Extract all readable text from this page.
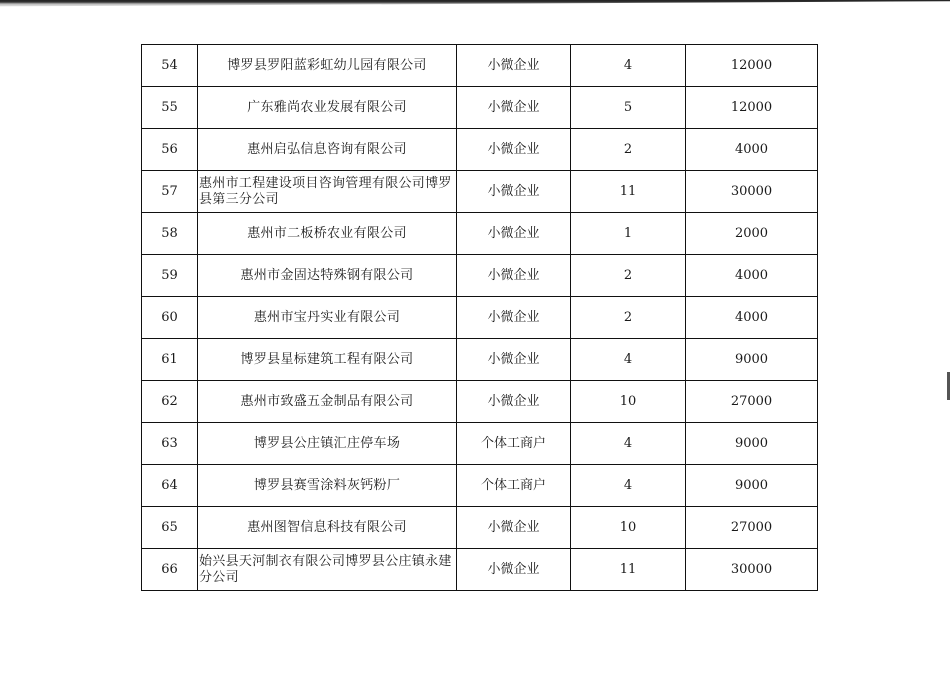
54	博罗县罗阳蓝彩虹幼儿园有限公司	小微企业	4	12000
55	广东雅尚农业发展有限公司	小微企业	5	12000
56	惠州启弘信息咨询有限公司	小微企业	2	4000
57	惠州市工程建设项目咨询管理有限公司博罗县第三分公司	小微企业	11	30000
58	惠州市二板桥农业有限公司	小微企业	1	2000
59	惠州市金固达特殊钢有限公司	小微企业	2	4000
60	惠州市宝丹实业有限公司	小微企业	2	4000
61	博罗县星标建筑工程有限公司	小微企业	4	9000
62	惠州市致盛五金制品有限公司	小微企业	10	27000
63	博罗县公庄镇汇庄停车场	个体工商户	4	9000
64	博罗县赛雪涂料灰钙粉厂	个体工商户	4	9000
65	惠州图智信息科技有限公司	小微企业	10	27000
66	始兴县天河制衣有限公司博罗县公庄镇永建分公司	小微企业	11	30000
